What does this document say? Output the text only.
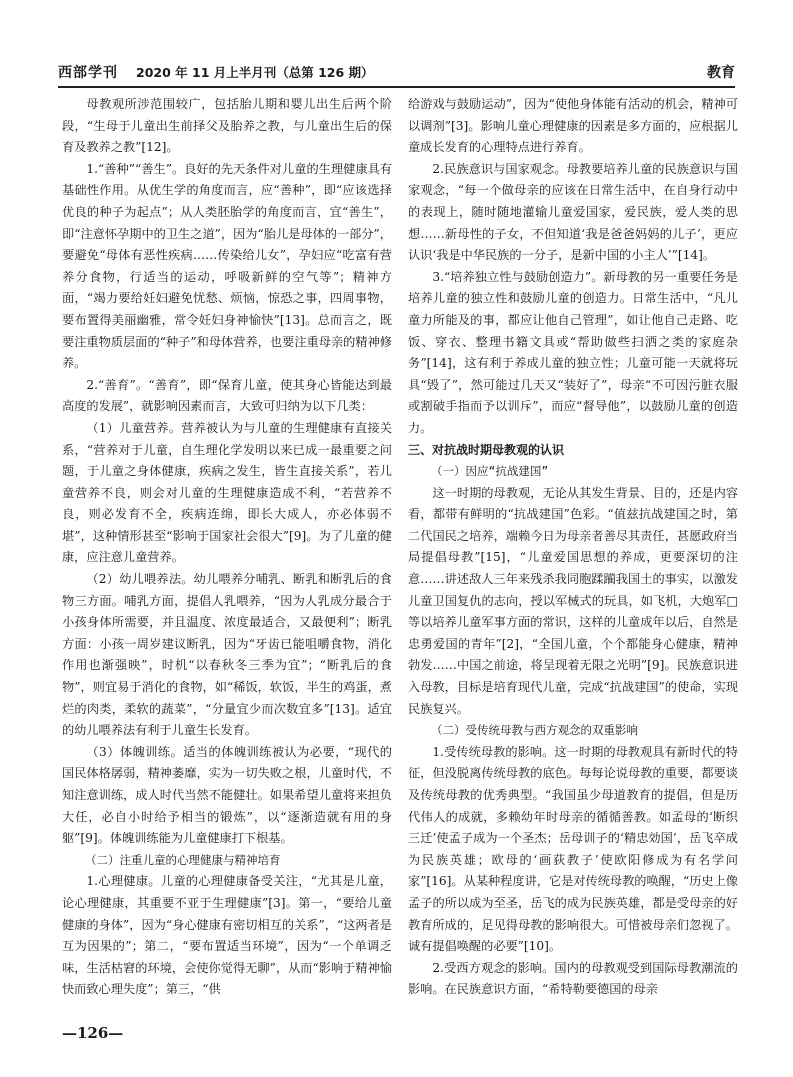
西部学刊 2020 年 11 月上半月刊（总第 126 期）	教育

母教观所涉范围较广，包括胎儿期和婴儿出生后两个阶段，“生母于儿童出生前择父及胎养之教，与儿童出生后的保育及教养之教”[12]。

1.“善种”“善生”。良好的先天条件对儿童的生理健康具有基础性作用。从优生学的角度而言，应“善种”，即“应该选择优良的种子为起点”；从人类胚胎学的角度而言，宜“善生”，即“注意怀孕期中的卫生之道”，因为“胎儿是母体的一部分”，要避免“母体有恶性疾病……传染给儿女”，孕妇应“吃富有营养分食物，行适当的运动，呼吸新鲜的空气等”；精神方面，“竭力要给妊妇避免忧愁、烦恼，惊恐之事，四周事物，要布置得美丽幽雅，常令妊妇身神愉快”[13]。总而言之，既要注重物质层面的“种子”和母体营养，也要注重母亲的精神修养。

2.“善育”。“善育”，即“保育儿童，使其身心皆能达到最高度的发展”，就影响因素而言，大致可归纳为以下几类：

（1）儿童营养。营养被认为与儿童的生理健康有直接关系，“营养对于儿童，自生理化学发明以来已成一最重要之问题，于儿童之身体健康，疾病之发生，皆生直接关系”，若儿童营养不良，则会对儿童的生理健康造成不利，“若营养不良，则必发育不全，疾病连绵，即长大成人，亦必体弱不堪”，这种情形甚至“影响于国家社会很大”[9]。为了儿童的健康，应注意儿童营养。

（2）幼儿喂养法。幼儿喂养分哺乳、断乳和断乳后的食物三方面。哺乳方面，提倡人乳喂养，“因为人乳成分最合于小孩身体所需要，并且温度、浓度最适合，又最便利”；断乳方面：小孩一周岁建议断乳，因为“牙齿已能咀嚼食物，消化作用也渐强映”，时机“以春秋冬三季为宜”；“断乳后的食物”，则宜易于消化的食物，如“稀饭，软饭，半生的鸡蛋，煮烂的肉类，柔软的蔬菜”，“分量宜少而次数宜多”[13]。适宜的幼儿喂养法有利于儿童生长发育。

（3）体魄训练。适当的体魄训练被认为必要，“现代的国民体格孱弱，精神萎靡，实为一切失败之根，儿童时代，不知注意训练，成人时代当然不能健壮。如果希望儿童将来担负大任，必自小时给予相当的锻炼”，以“逐渐造就有用的身躯”[9]。体魄训练能为儿童健康打下根基。

（二）注重儿童的心理健康与精神培育

1.心理健康。儿童的心理健康备受关注，“尤其是儿童，论心理健康，其重要不亚于生理健康”[3]。第一，“要给儿童健康的身体”，因为“身心健康有密切相互的关系”，“这两者是互为因果的”；第二，“要布置适当环境”，因为“一个单调乏味，生活枯窘的环境，会使你觉得无聊”，从而“影响于精神愉快而致心理失度”；第三，“供

给游戏与鼓励运动”，因为“使他身体能有活动的机会，精神可以调剂”[3]。影响儿童心理健康的因素是多方面的，应根据儿童成长发育的心理特点进行养育。

2.民族意识与国家观念。母教要培养儿童的民族意识与国家观念，“每一个做母亲的应该在日常生活中，在自身行动中的表现上，随时随地灌输儿童爱国家，爱民族，爱人类的思想……新母性的子女，不但知道‘我是爸爸妈妈的儿子’，更应认识‘我是中华民族的一分子，是新中国的小主人’”[14]。

3.“培养独立性与鼓励创造力”。新母教的另一重要任务是培养儿童的独立性和鼓励儿童的创造力。日常生活中，“凡儿童力所能及的事，都应让他自己管理”，如让他自己走路、吃饭、穿衣、整理书籍文具或“帮助做些扫洒之类的家庭杂务”[14]，这有利于养成儿童的独立性；儿童可能一天就将玩具“毁了”，然可能过几天又“装好了”，母亲“不可因污脏衣服或割破手指而予以训斥”，而应“督导他”，以鼓励儿童的创造力。

三、对抗战时期母教观的认识

（一）因应“抗战建国”

这一时期的母教观，无论从其发生背景、目的，还是内容看，都带有鲜明的“抗战建国”色彩。“值兹抗战建国之时，第二代国民之培养，端赖今日为母亲者善尽其责任，甚愿政府当局提倡母教”[15]，“儿童爱国思想的养成，更要深切的注意……讲述敌人三年来残杀我同胞蹂躏我国土的事实，以激发儿童卫国复仇的志向，授以军械式的玩具，如飞机，大炮军□等以培养儿童军事方面的常识，这样的儿童成年以后，自然是忠勇爱国的青年”[2]，“全国儿童，个个都能身心健康，精神勃发……中国之前途，将呈现着无限之光明”[9]。民族意识进入母教，目标是培育现代儿童，完成“抗战建国”的使命，实现民族复兴。

（二）受传统母教与西方观念的双重影响

1.受传统母教的影响。这一时期的母教观具有新时代的特征，但没脱离传统母教的底色。每每论说母教的重要，都要谈及传统母教的优秀典型。“我国虽少母道教育的提倡，但是历代伟人的成就，多赖幼年时母亲的循循善教。如孟母的‘断织三迁’使孟子成为一个圣杰；岳母训子的‘精忠効国’，岳飞卒成为民族英雄；欧母的‘画荻教子’使欧阳修成为有名学问家”[16]。从某种程度讲，它是对传统母教的唤醒，“历史上像孟子的所以成为至圣，岳飞的成为民族英雄，都是受母亲的好教育所成的，足见得母教的影响很大。可惜被母亲们忽视了。诚有提倡唤醒的必要”[10]。

2.受西方观念的影响。国内的母教观受到国际母教潮流的影响。在民族意识方面，“希特勒要德国的母亲

—126—
